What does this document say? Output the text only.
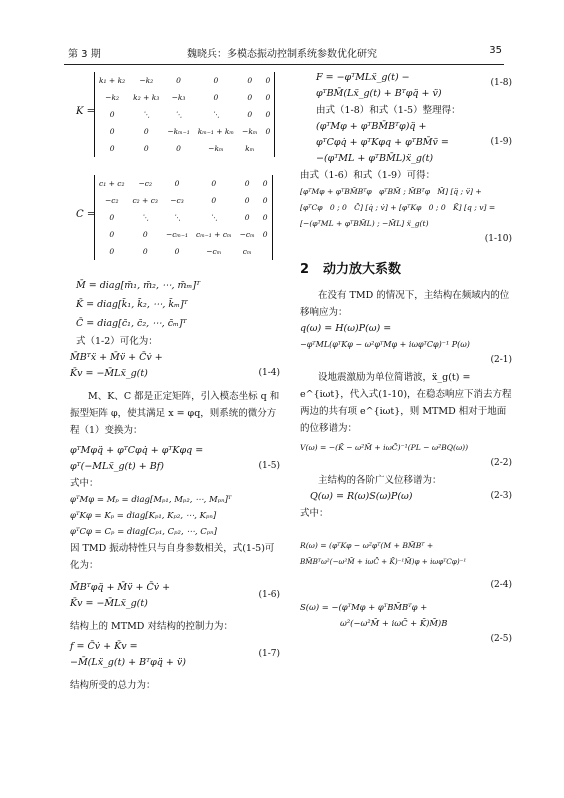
第 3 期	魏晓兵：多模态振动控制系统参数优化研究	35
K =
k₁ + k₂	−k₂	0	0	0	0
−k₂	k₂ + k₃	−k₃	0	0	0
0	⋱	⋱	⋱	0	0
0	0	−kₘ₋₁	kₘ₋₁ + kₘ	−kₘ	0
0	0	0	−kₘ	kₘ	
C =
c₁ + c₂	−c₂	0	0	0	0
−c₂	c₂ + c₃	−c₃	0	0	0
0	⋱	⋱	⋱	0	0
0	0	−cₘ₋₁	cₘ₋₁ + cₘ	−cₘ	0
0	0	0	−cₘ	cₘ	
M̄ = diag[m̄₁, m̄₂, ⋯, m̄ₘ]ᵀ
K̄ = diag[k̄₁, k̄₂, ⋯, k̄ₘ]ᵀ
C̄ = diag[c̄₁, c̄₂, ⋯, c̄ₘ]ᵀ
式（1-2）可化为：
M̄Bᵀẍ + M̄v̈ + C̄v̇ +
K̄v = −M̄Lẍ_g(t)	(1-4)
M、K、C 都是正定矩阵，引入模态坐标 q 和振型矩阵 φ，使其满足 x = φq，则系统的微分方程（1）变换为：
φᵀMφq̈ + φᵀCφq̇ + φᵀKφq =
φᵀ(−MLẍ_g(t) + Bf)	(1-5)
式中：
φᵀMφ = Mₚ = diag[Mₚ₁, Mₚ₂, ⋯, Mₚₙ]ᵀ
φᵀKφ = Kₚ = diag[Kₚ₁, Kₚ₂, ⋯, Kₚₙ]
φᵀCφ = Cₚ = diag[Cₚ₁, Cₚ₂, ⋯, Cₚₙ]
因 TMD 振动特性只与自身参数相关，式(1-5)可化为：
M̄Bᵀφq̈ + M̄v̈ + C̄v̇ +
K̄v = −M̄Lẍ_g(t)
(1-6)
结构上的 MTMD 对结构的控制力为：
f = C̄v̇ + K̄v =
−M̄(Lẍ_g(t) + Bᵀφq̈ + v̈)
(1-7)
结构所受的总力为：
F = −φᵀMLẍ_g(t) −	(1-8)
φᵀBM̄(Lẍ_g(t) + Bᵀφq̈ + v̈)
由式（1-8）和式（1-5）整理得：
(φᵀMφ + φᵀBM̄Bᵀφ)q̈ +
φᵀCφq̇ + φᵀKφq + φᵀBM̄v̈ =	(1-9)
−(φᵀML + φᵀBM̄L)ẍ_g(t)
由式（1-6）和式（1-9）可得：
[φᵀMφ + φᵀBM̄Bᵀφ   φᵀBM̄ ; M̄Bᵀφ   M̄] [q̈ ; v̈] +
[φᵀCφ   0 ; 0   C̄] [q̇ ; v̇] + [φᵀKφ   0 ; 0   K̄] [q ; v] =
[−(φᵀML + φᵀBM̄L) ; −M̄L] ẍ_g(t)
(1-10)
2 动力放大系数
在没有 TMD 的情况下，主结构在频域内的位移响应为：
q(ω) = H(ω)P(ω) =
−φᵀML(φᵀKφ − ω²φᵀMφ + iωφᵀCφ)⁻¹ P(ω)
(2-1)
设地震激励为单位简谐波，ẍ_g(t) = e^{iωt}，代入式(1-10)，在稳态响应下消去方程两边的共有项 e^{iωt}，则 MTMD 相对于地面的位移谱为：
V(ω) = −(K̄ − ω²M̄ + iωC̄)⁻¹(PL − ω²BQ(ω))
(2-2)
主结构的各阶广义位移谱为：
Q(ω) = R(ω)S(ω)P(ω)	(2-3)
式中：
R(ω) = (φᵀKφ − ω²φᵀ(M + BM̄Bᵀ +
BM̄Bᵀω²(−ω²M̄ + iωC̄ + K̄)⁻¹M̄)φ + iωφᵀCφ)⁻¹
(2-4)
S(ω) = −(φᵀMφ + φᵀBM̄Bᵀφ +
ω²(−ω²M̄ + iωC̄ + K̄)M̄)B
(2-5)
